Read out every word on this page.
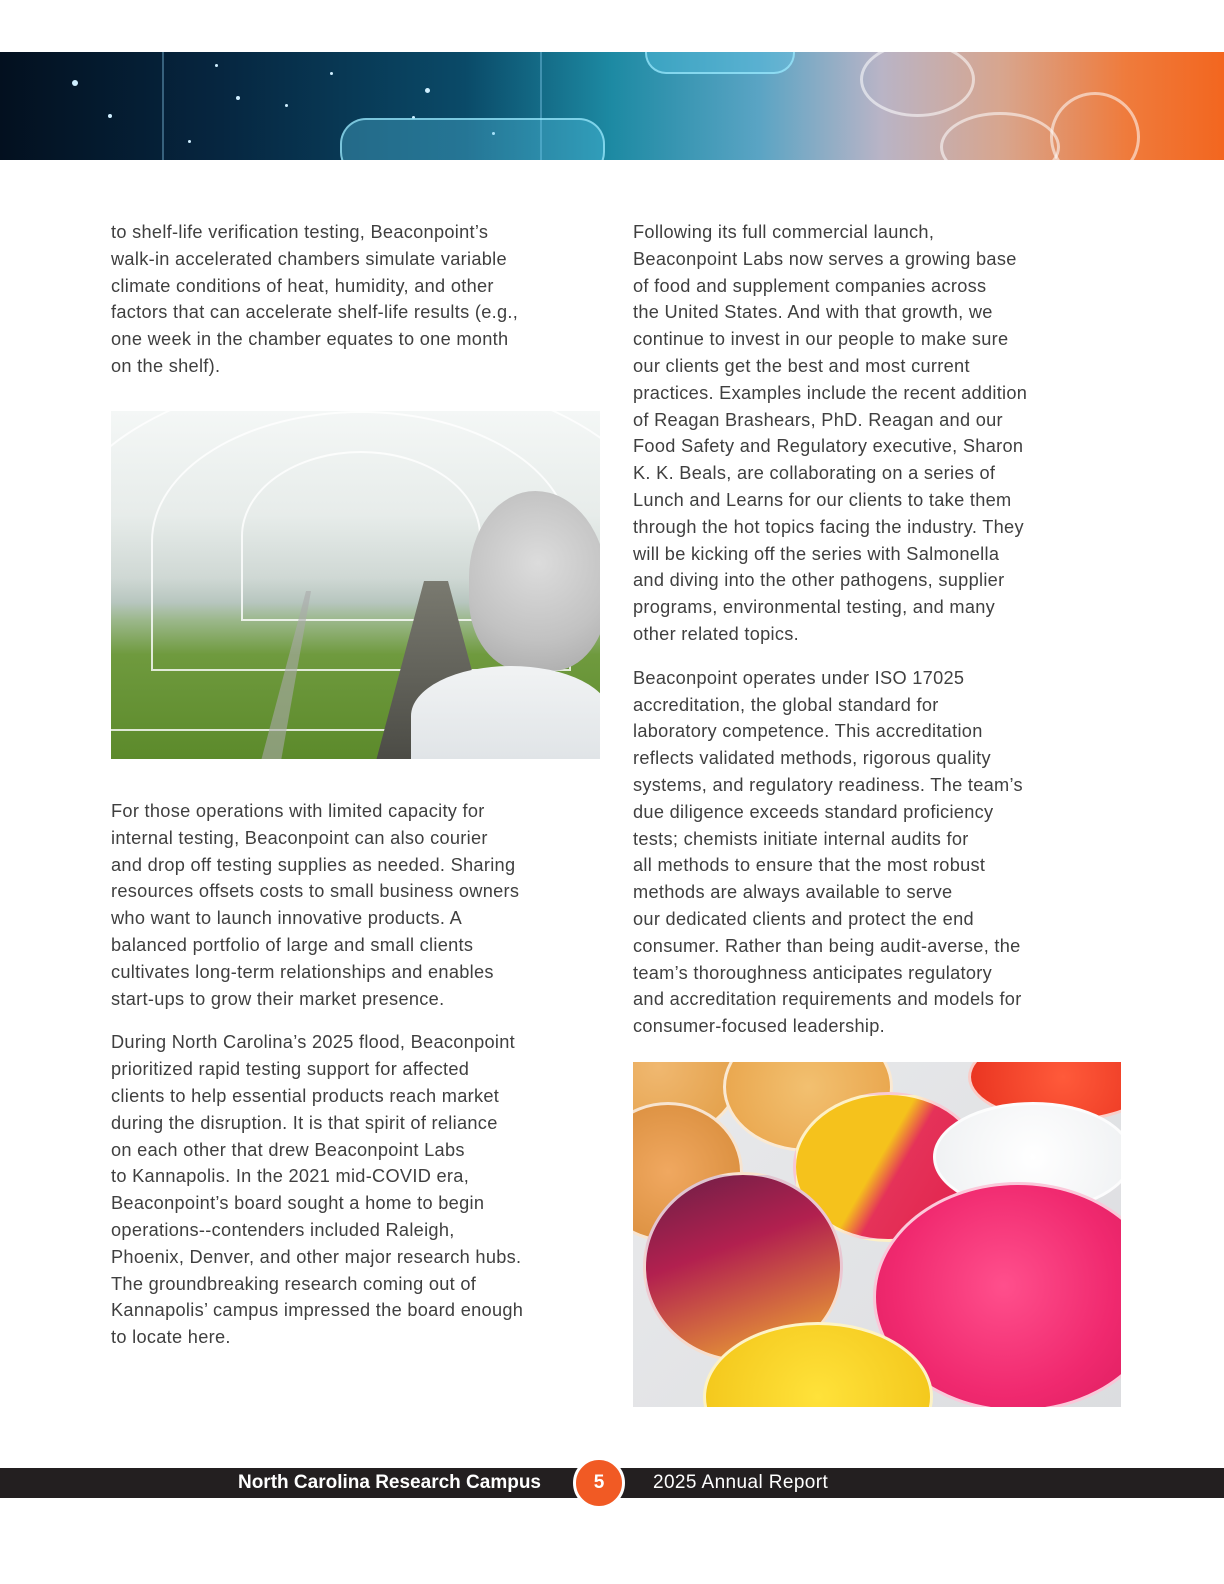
to shelf-life verification testing, Beaconpoint’s

walk-in accelerated chambers simulate variable

climate conditions of heat, humidity, and other

factors that can accelerate shelf-life results (e.g.,

one week in the chamber equates to one month

on the shelf).

For those operations with limited capacity for

internal testing, Beaconpoint can also courier

and drop off testing supplies as needed. Sharing

resources offsets costs to small business owners

who want to launch innovative products. A

balanced portfolio of large and small clients

cultivates long-term relationships and enables

start-ups to grow their market presence.

During North Carolina’s 2025 flood, Beaconpoint

prioritized rapid testing support for affected

clients to help essential products reach market

during the disruption. It is that spirit of reliance

on each other that drew Beaconpoint Labs

to Kannapolis. In the 2021 mid-COVID era,

Beaconpoint’s board sought a home to begin

operations--contenders included Raleigh,

Phoenix, Denver, and other major research hubs.

The groundbreaking research coming out of

Kannapolis’ campus impressed the board enough

to locate here.

Following its full commercial launch,

Beaconpoint Labs now serves a growing base

of food and supplement companies across

the United States. And with that growth, we

continue to invest in our people to make sure

our clients get the best and most current

practices. Examples include the recent addition

of Reagan Brashears, PhD. Reagan and our

Food Safety and Regulatory executive, Sharon

K. K. Beals, are collaborating on a series of

Lunch and Learns for our clients to take them

through the hot topics facing the industry. They

will be kicking off the series with Salmonella

and diving into the other pathogens, supplier

programs, environmental testing, and many

other related topics.

Beaconpoint operates under ISO 17025

accreditation, the global standard for

laboratory competence. This accreditation

reflects validated methods, rigorous quality

systems, and regulatory readiness. The team’s

due diligence exceeds standard proficiency

tests; chemists initiate internal audits for

all methods to ensure that the most robust

methods are always available to serve

our dedicated clients and protect the end

consumer. Rather than being audit-averse, the

team’s thoroughness anticipates regulatory

and accreditation requirements and models for

consumer-focused leadership.

North Carolina Research Campus	5	2025 Annual Report
